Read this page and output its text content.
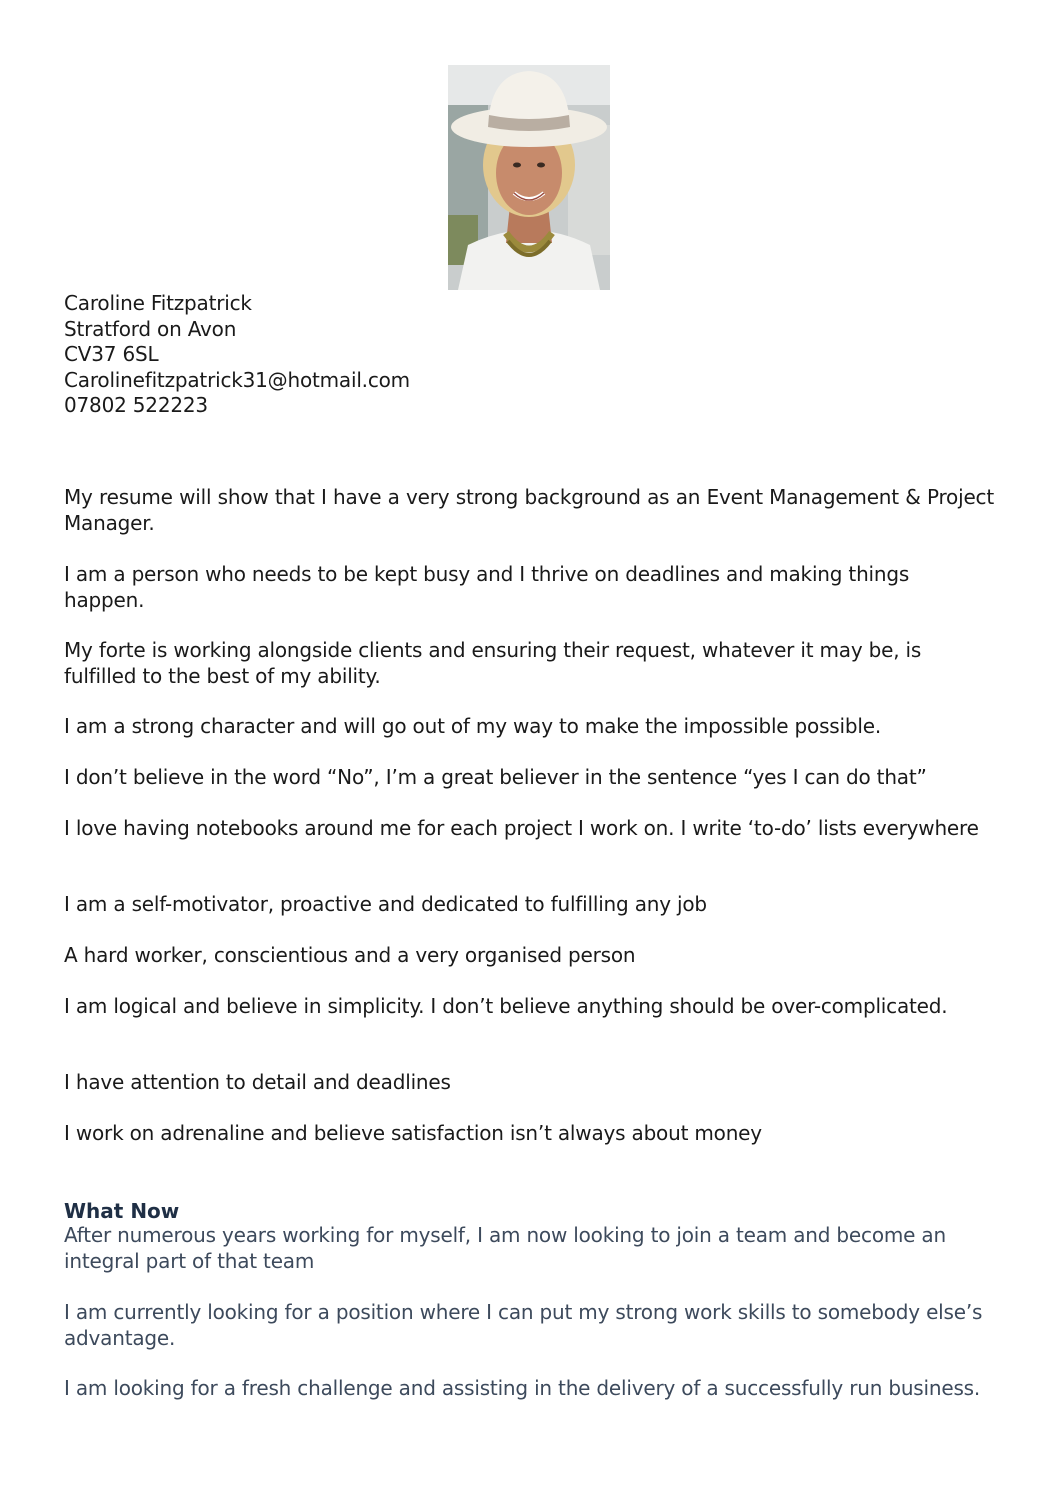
Caroline Fitzpatrick
Stratford on Avon
CV37 6SL
Carolinefitzpatrick31@hotmail.com
07802 522223
My resume will show that I have a very strong background as an Event Management & Project Manager.
I am a person who needs to be kept busy and I thrive on deadlines and making things happen.
My forte is working alongside clients and ensuring their request, whatever it may be, is fulfilled to the best of my ability.
I am a strong character and will go out of my way to make the impossible possible.
I don’t believe in the word “No”, I’m a great believer in the sentence “yes I can do that”
I love having notebooks around me for each project I work on. I write ‘to-do’ lists everywhere
I am a self-motivator, proactive and dedicated to fulfilling any job
A hard worker, conscientious and a very organised person
I am logical and believe in simplicity. I don’t believe anything should be over-complicated.
I have attention to detail and deadlines
I work on adrenaline and believe satisfaction isn’t always about money
What Now
After numerous years working for myself, I am now looking to join a team and become an integral part of that team
I am currently looking for a position where I can put my strong work skills to somebody else’s advantage.
I am looking for a fresh challenge and assisting in the delivery of a successfully run business.
